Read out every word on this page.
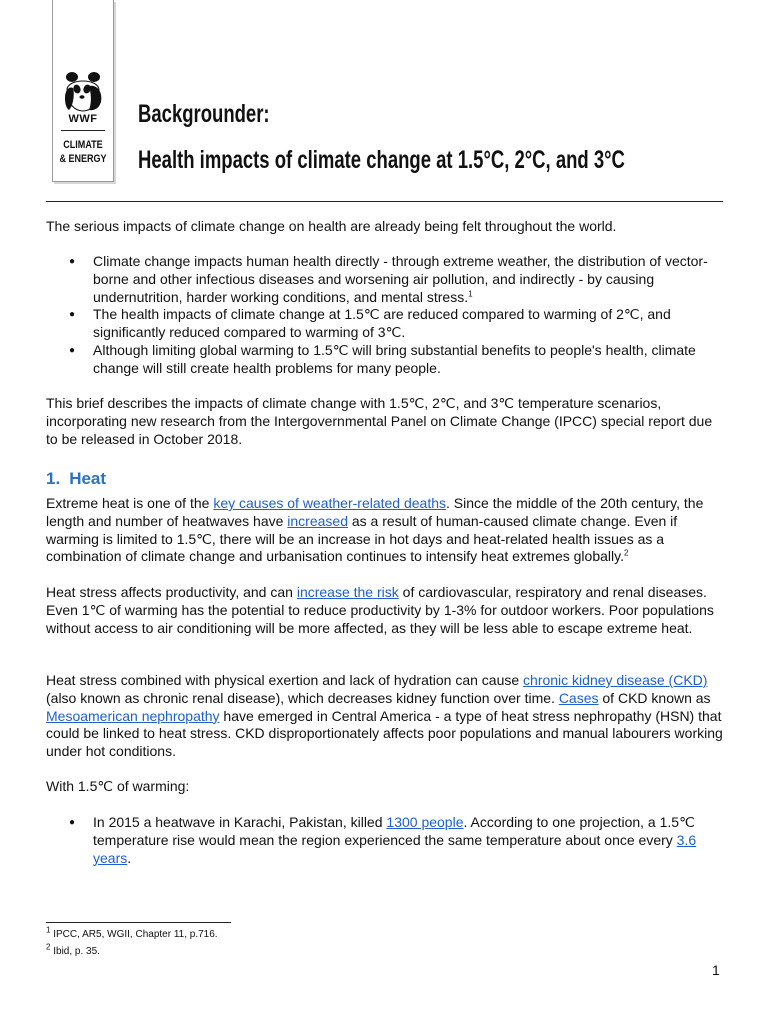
WWF
CLIMATE
& ENERGY
Backgrounder:
Health impacts of climate change at 1.5°C, 2°C, and 3°C

The serious impacts of climate change on health are already being felt throughout the world.

● Climate change impacts human health directly - through extreme weather, the distribution of vector-borne and other infectious diseases and worsening air pollution, and indirectly - by causing undernutrition, harder working conditions, and mental stress.$^1$
● The health impacts of climate change at 1.5℃ are reduced compared to warming of 2℃, and significantly reduced compared to warming of 3℃.
● Although limiting global warming to 1.5℃ will bring substantial benefits to people's health, climate change will still create health problems for many people.

This brief describes the impacts of climate change with 1.5℃, 2℃, and 3℃ temperature scenarios, incorporating new research from the Intergovernmental Panel on Climate Change (IPCC) special report due to be released in October 2018.

1. Heat

Extreme heat is one of the key causes of weather-related deaths. Since the middle of the 20th century, the length and number of heatwaves have increased as a result of human-caused climate change. Even if warming is limited to 1.5℃, there will be an increase in hot days and heat-related health issues as a combination of climate change and urbanisation continues to intensify heat extremes globally.$^2$

Heat stress affects productivity, and can increase the risk of cardiovascular, respiratory and renal diseases. Even 1℃ of warming has the potential to reduce productivity by 1-3% for outdoor workers. Poor populations without access to air conditioning will be more affected, as they will be less able to escape extreme heat.

Heat stress combined with physical exertion and lack of hydration can cause chronic kidney disease (CKD) (also known as chronic renal disease), which decreases kidney function over time. Cases of CKD known as Mesoamerican nephropathy have emerged in Central America - a type of heat stress nephropathy (HSN) that could be linked to heat stress. CKD disproportionately affects poor populations and manual labourers working under hot conditions.

With 1.5℃ of warming:

● In 2015 a heatwave in Karachi, Pakistan, killed 1300 people. According to one projection, a 1.5℃ temperature rise would mean the region experienced the same temperature about once every 3.6 years.

$^1$ IPCC, AR5, WGII, Chapter 11, p.716.

$^2$ Ibid, p. 35.

1
